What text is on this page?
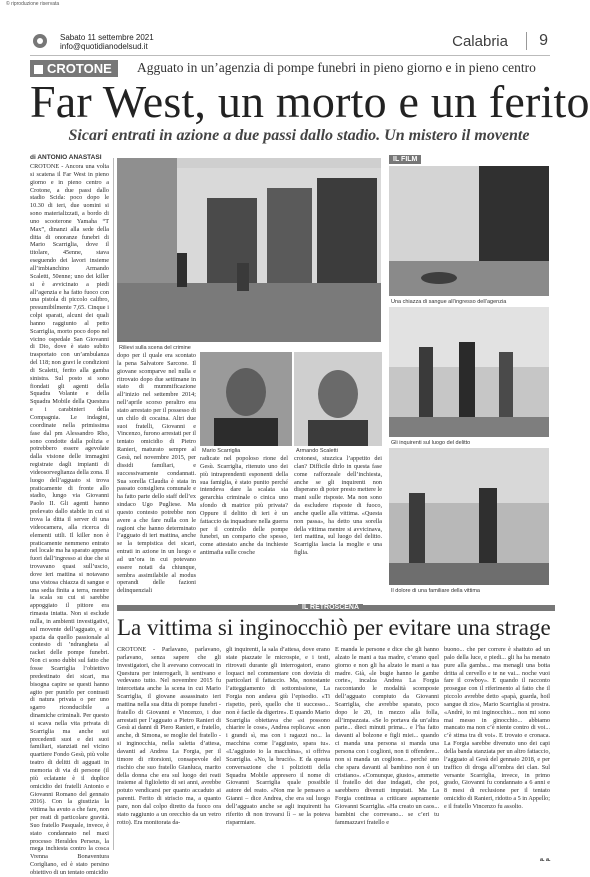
© riproduzione riservata
Sabato 11 settembre 2021
info@quotidianodelsud.it	Calabria	9
CROTONE	Agguato in un’agenzia di pompe funebri in pieno giorno e in pieno centro
Far West, un morto e un ferito
Sicari entrati in azione a due passi dallo stadio. Un mistero il movente
di ANTONIO ANASTASI
CROTONE - Ancora una volta si scatena il Far West in pieno giorno e in pieno centro a Crotone, a due passi dallo stadio Scida: poco dopo le 10.30 di ieri, due uomini si sono materializzati, a bordo di uno scooterone Yamaha “T Max”, dinanzi alla sede della ditta di onoranze funebri di Mario Scarriglia, dove il titolare, 45enne, stava eseguendo dei lavori insieme all’imbianchino Armando Scaletti, 50enne; uno dei killer si è avvicinato a piedi all’agenzia e ha fatto fuoco con una pistola di piccolo calibro, presumibilmente 7,65. Cinque i colpi sparati, alcuni dei quali hanno raggiunto al petto Scarriglia, morto poco dopo nel vicino ospedale San Giovanni di Dio, dove è stato subito trasportato con un’ambulanza del 118; non gravi le condizioni di Scaletti, ferito alla gamba sinistra. Sul posto si sono fiondati gli agenti della Squadra Volante e della Squadra Mobile della Questura e i carabinieri della Compagnia. Le indagini, coordinate nella primissima fase dal pm Alessandro Rho, sono condotte dalla polizia e potrebbero essere agevolate dalla visione delle immagini registrate dagli impianti di videosorveglianza della zona. Il luogo dell’agguato si trova praticamente di fronte allo stadio, lungo via Giovanni Paolo II. Gli agenti hanno prelevato dallo stabile in cui si trova la ditta il server di una videocamera, alla ricerca di elementi utili. Il killer non è praticamente nemmeno entrato nel locale ma ha sparato appena fuori dall’ingresso ai due che si trovavano quasi sull’uscio, dove ieri mattina si notavano una vistosa chiazza di sangue e una sedia finita a terra, mentre la scala su cui si sarebbe appoggiato il pittore era rimasta intatta. Non si esclude nulla, in ambienti investigativi, sul movente dell’agguato, e si spazia da quello passionale al contesto di ’ndrangheta al racket delle pompe funebri. Non ci sono dubbi sul fatto che fosse Scarriglia l’obiettivo predestinato dei sicari, ma bisogna capire se questi hanno agito per punirlo per contrasti di natura privata o per uno sgarro riconducibile a dinamiche criminali. Per questo si scava nella vita privata di Scarriglia ma anche sui precedenti suoi e dei suoi familiari, stanziati nel vicino quartiere Fondo Gesù, più volte teatro di delitti di agguati in memoria di via di persone (il più eclatante è il duplice omicidio dei fratelli Antonio e Giovanni Romano del gennaio 2016). Con la giustizia la vittima ha avuto a che fare, non per reati di particolare gravità. Suo fratello Pasquale, invece, è stato condannato nel maxi processo Heraldes Perseus, la mega inchiesta contro la cosca Vrenna Bonaventura Corigliano, ed è stato persino obiettivo di un tentato omicidio
Rilievi sulla scena del crimine
dopo per il quale era scontato la pena Salvatore Sarcone. Il giovane scomparve nel nulla e ritrovato dopo due settimane in stato di mummificazione all’inizio nel settembre 2014; nell’aprile scorso peraltro era stato arrestato per il possesso di un chilo di cocaina. Altri due suoi fratelli, Giovanni e Vincenzo, furono arrestati per il tentato omicidio di Pietro Ranieri, maturato sempre al Gesù, nel novembre 2015, per dissidi familiari, e successivamente condannati. Sua sorella Claudia è stata in passato consigliera comunale e ha fatto parte dello staff dell’ex sindaco Ugo Pugliese. Ma questo contesto potrebbe non avere a che fare nulla con le ragioni che hanno determinato l’agguato di ieri mattina, anche se la tempistica dei sicari, entrati in azione in un luogo e ad un’ora in cui potevano essere notati da chiunque, sembra assimilabile al modus operandi delle fazioni delinquenziali
Mario Scarriglia	Armando Scaletti
radicate nel popoloso rione del Gesù. Scarriglia, ritenuto uno dei più intraprendenti esponenti della sua famiglia, è stato punito perché intendeva dare la scalata sia gerarchia criminale o cinica uno sfondo di matrice più privata? Oppure il delitto di ieri è un fattaccio da inquadrare nella guerra per il controllo delle pompe funebri, un comparto che spesso, come attestato anche da inchieste antimafia sulle cosche
crotonesi, stuzzica l’appetito dei clan? Difficile dirlo in questa fase come rafforzeale dell’inchiesta, anche se gli inquirenti non disperano di poter presto mettere le mani sulle risposte. Ma non sono da escludere risposte di fuoco, anche quelle alla vittima. «Questa non passa», ha detto una sorella della vittima mentre si avvicinava, ieri mattina, sul luogo del delitto. Scarriglia lascia la moglie e una figlia.
IL FILM
Una chiazza di sangue all’ingresso dell’agenzia
Gli inquirenti sul luogo del delitto
Il dolore di una familiare della vittima
IL RETROSCENA
La vittima si inginocchiò per evitare una strage
CROTONE - Parlavano, parlavano, parlavano, senza sapere che gli investigatori, che li avevano convocati in Questura per interrogarli, li sentivano e vedevano tutto. Nel novembre 2015 fu intercettata anche la scena in cui Mario Scarriglia, il giovane assassinato ieri mattina nella sua ditta di pompe funebri - fratello di Giovanni e Vincenzo, i due arrestati per l’agguato a Pietro Ranieri di Gesù ai danni di Piero Ranieri, e fratello, anche, di Simona, se moglie del fratello - si inginocchia, nella saletta d’attesa, davanti ad Andrea La Forgia, per il timore di ritorsioni, consapevole del rischio che suo fratello Gianluca, marito della donna che era sul luogo dei reati insieme al figlioletto di sei anni, avrebbe potuto vendicarsi per quanto accaduto ai parenti. Ferito di striscio ma, a quanto pare, non dal colpo diretto da fuoco ora stato raggiunto a un orecchio da un vetro rotto). Era monitorata da-
gli inquirenti, la sala d’attesa, dove erano state piazzate le microspie, e i testi, ritrovati durante gli interrogatori, erano loquaci nel commentare con dovizia di particolari il fattaccio. Ma, nonostante l’atteggiamento di sottomissione, La Forgia non andava giù l’episodio. «Ti rispetto, però, quello che ti successo... non è facile da digerire». E quando Mario Scarriglia obiettava che «si possono chiarire le cose», Andrea replicava: «non i grandi sì, ma con i ragazzi no... la macchina come l’aggiusto, spara tu». «L’aggiusto io la macchina», si offriva Scarriglia. «No, la bruciò». E da questa conversazione che i poliziotti della Squadra Mobile appresero il nome di Giovanni Scarriglia quale possibile autore del reato. «Non me le pensavo a Gianni – dice Andrea, che era sul luogo dell’agguato anche se agli inquirenti ha riferito di non trovarsi lì – se la poteva risparmiare.
E manda le persone e dice che gli hanno alzato le mani a tua madre, c’erano quel giorno e non gli ha alzato le mani a tua madre. Già, «le bugie hanno le gambe corte», incalza Andrea La Forgia raccontando le modalità scomposte dell’agguato compiuto da Giovanni Scarriglia, che avrebbe sparato, poco dopo le 20, in mezzo alla folla, all’impazzata. «Se lo portava da un’altra parte... dieci minuti prima... e l’ha fatto davanti al bolzone e figli miei... quando ci manda una persona si manda una persona con i coglioni, non ti offendere... non si manda un coglione... perché uno che spara davanti al bambino non è un cristiano». «Comunque, giusto», ammette il fratello dei due indagati, che poi, sarebbero divenuti imputati. Ma La Forgia continua a criticare aspramente Giovanni Scarriglia. «Ha creato un caos... bambini che correvano... se c’eri tu fammazzavi fratello e
buono... che per correre è shattuto ad un palo della luce, e piedi... gli ha ha menato pure alla gamba... ma menagli una botta dritta al cervello e te ne vai... noche vuoi fare il cowboy». E quando il racconto prosegue con il riferimento al fatto che il piccolo avrebbe detto «papà, guarda, hoil sangue di zio», Mario Scarriglia si prostra. «Andrè, io mi inginocchio... non mi sono mai messo in ginocchio... abbiamo mancato ma non c’è niente contro di voi... c’è stima tra di voi». E trovato e cronaca. La Forgia sarebbe divenuto uno dei capi della banda stanziata per un altro fattaccio, l’agguato al Gesù del gennaio 2018, e per traffico di droga all’ombra dei clan. Sul versante Scarriglia, invece, in primo grado, Giovanni fu condannato a 6 anni e 8 mesi di reclusione per il tentato omicidio di Ranieri, ridotto a 5 in Appello; e il fratello Vincenzo fu assolto.
a. a.
